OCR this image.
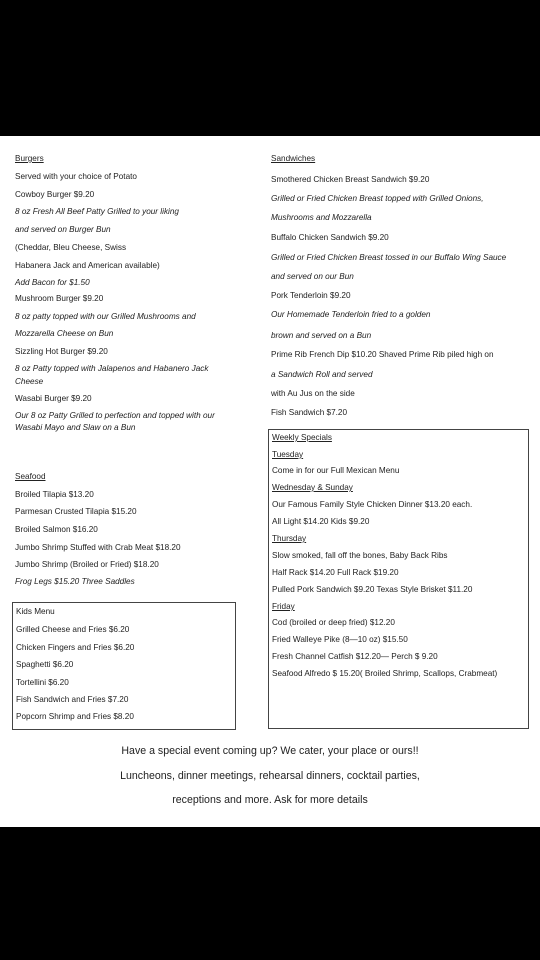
Burgers
Served with your choice of Potato
Cowboy Burger $9.20
8 oz Fresh All Beef Patty Grilled to your liking
and served on Burger Bun
(Cheddar, Bleu Cheese, Swiss
Habanera Jack and American available)
Add Bacon for $1.50
Mushroom Burger $9.20
8 oz patty topped with our Grilled Mushrooms and
Mozzarella Cheese on Bun
Sizzling Hot Burger $9.20
8 oz Patty topped with Jalapenos and Habanero Jack
Cheese
Wasabi Burger $9.20
Our 8 oz Patty Grilled to perfection and topped with our
Wasabi Mayo and Slaw on a Bun
Seafood
Broiled Tilapia $13.20
Parmesan Crusted Tilapia $15.20
Broiled Salmon $16.20
Jumbo Shrimp Stuffed with Crab Meat $18.20
Jumbo Shrimp (Broiled or Fried) $18.20
Frog Legs $15.20 Three Saddles
Kids Menu
Grilled Cheese and Fries $6.20
Chicken Fingers and Fries $6.20
Spaghetti $6.20
Tortellini $6.20
Fish Sandwich and Fries $7.20
Popcorn Shrimp and Fries $8.20
Sandwiches
Smothered Chicken Breast Sandwich $9.20
Grilled or Fried Chicken Breast topped with Grilled Onions,
Mushrooms and Mozzarella
Buffalo Chicken Sandwich $9.20
Grilled or Fried Chicken Breast tossed in our Buffalo Wing Sauce
and served on our Bun
Pork Tenderloin $9.20
Our Homemade Tenderloin fried to a golden
brown and served on a Bun
Prime Rib French Dip $10.20 Shaved Prime Rib piled high on
a Sandwich Roll and served
with Au Jus on the side
Fish Sandwich $7.20
Weekly Specials
Tuesday
Come in for our Full Mexican Menu
Wednesday & Sunday
Our Famous Family Style Chicken Dinner $13.20 each.
All Light $14.20 Kids $9.20
Thursday
Slow smoked, fall off the bones, Baby Back Ribs
Half Rack $14.20 Full Rack $19.20
Pulled Pork Sandwich $9.20 Texas Style Brisket $11.20
Friday
Cod (broiled or deep fried) $12.20
Fried Walleye Pike (8—10 oz) $15.50
Fresh Channel Catfish $12.20— Perch $ 9.20
Seafood Alfredo $ 15.20( Broiled Shrimp, Scallops, Crabmeat)
Have a special event coming up? We cater, your place or ours!!
Luncheons, dinner meetings, rehearsal dinners, cocktail parties,
receptions and more. Ask for more details
